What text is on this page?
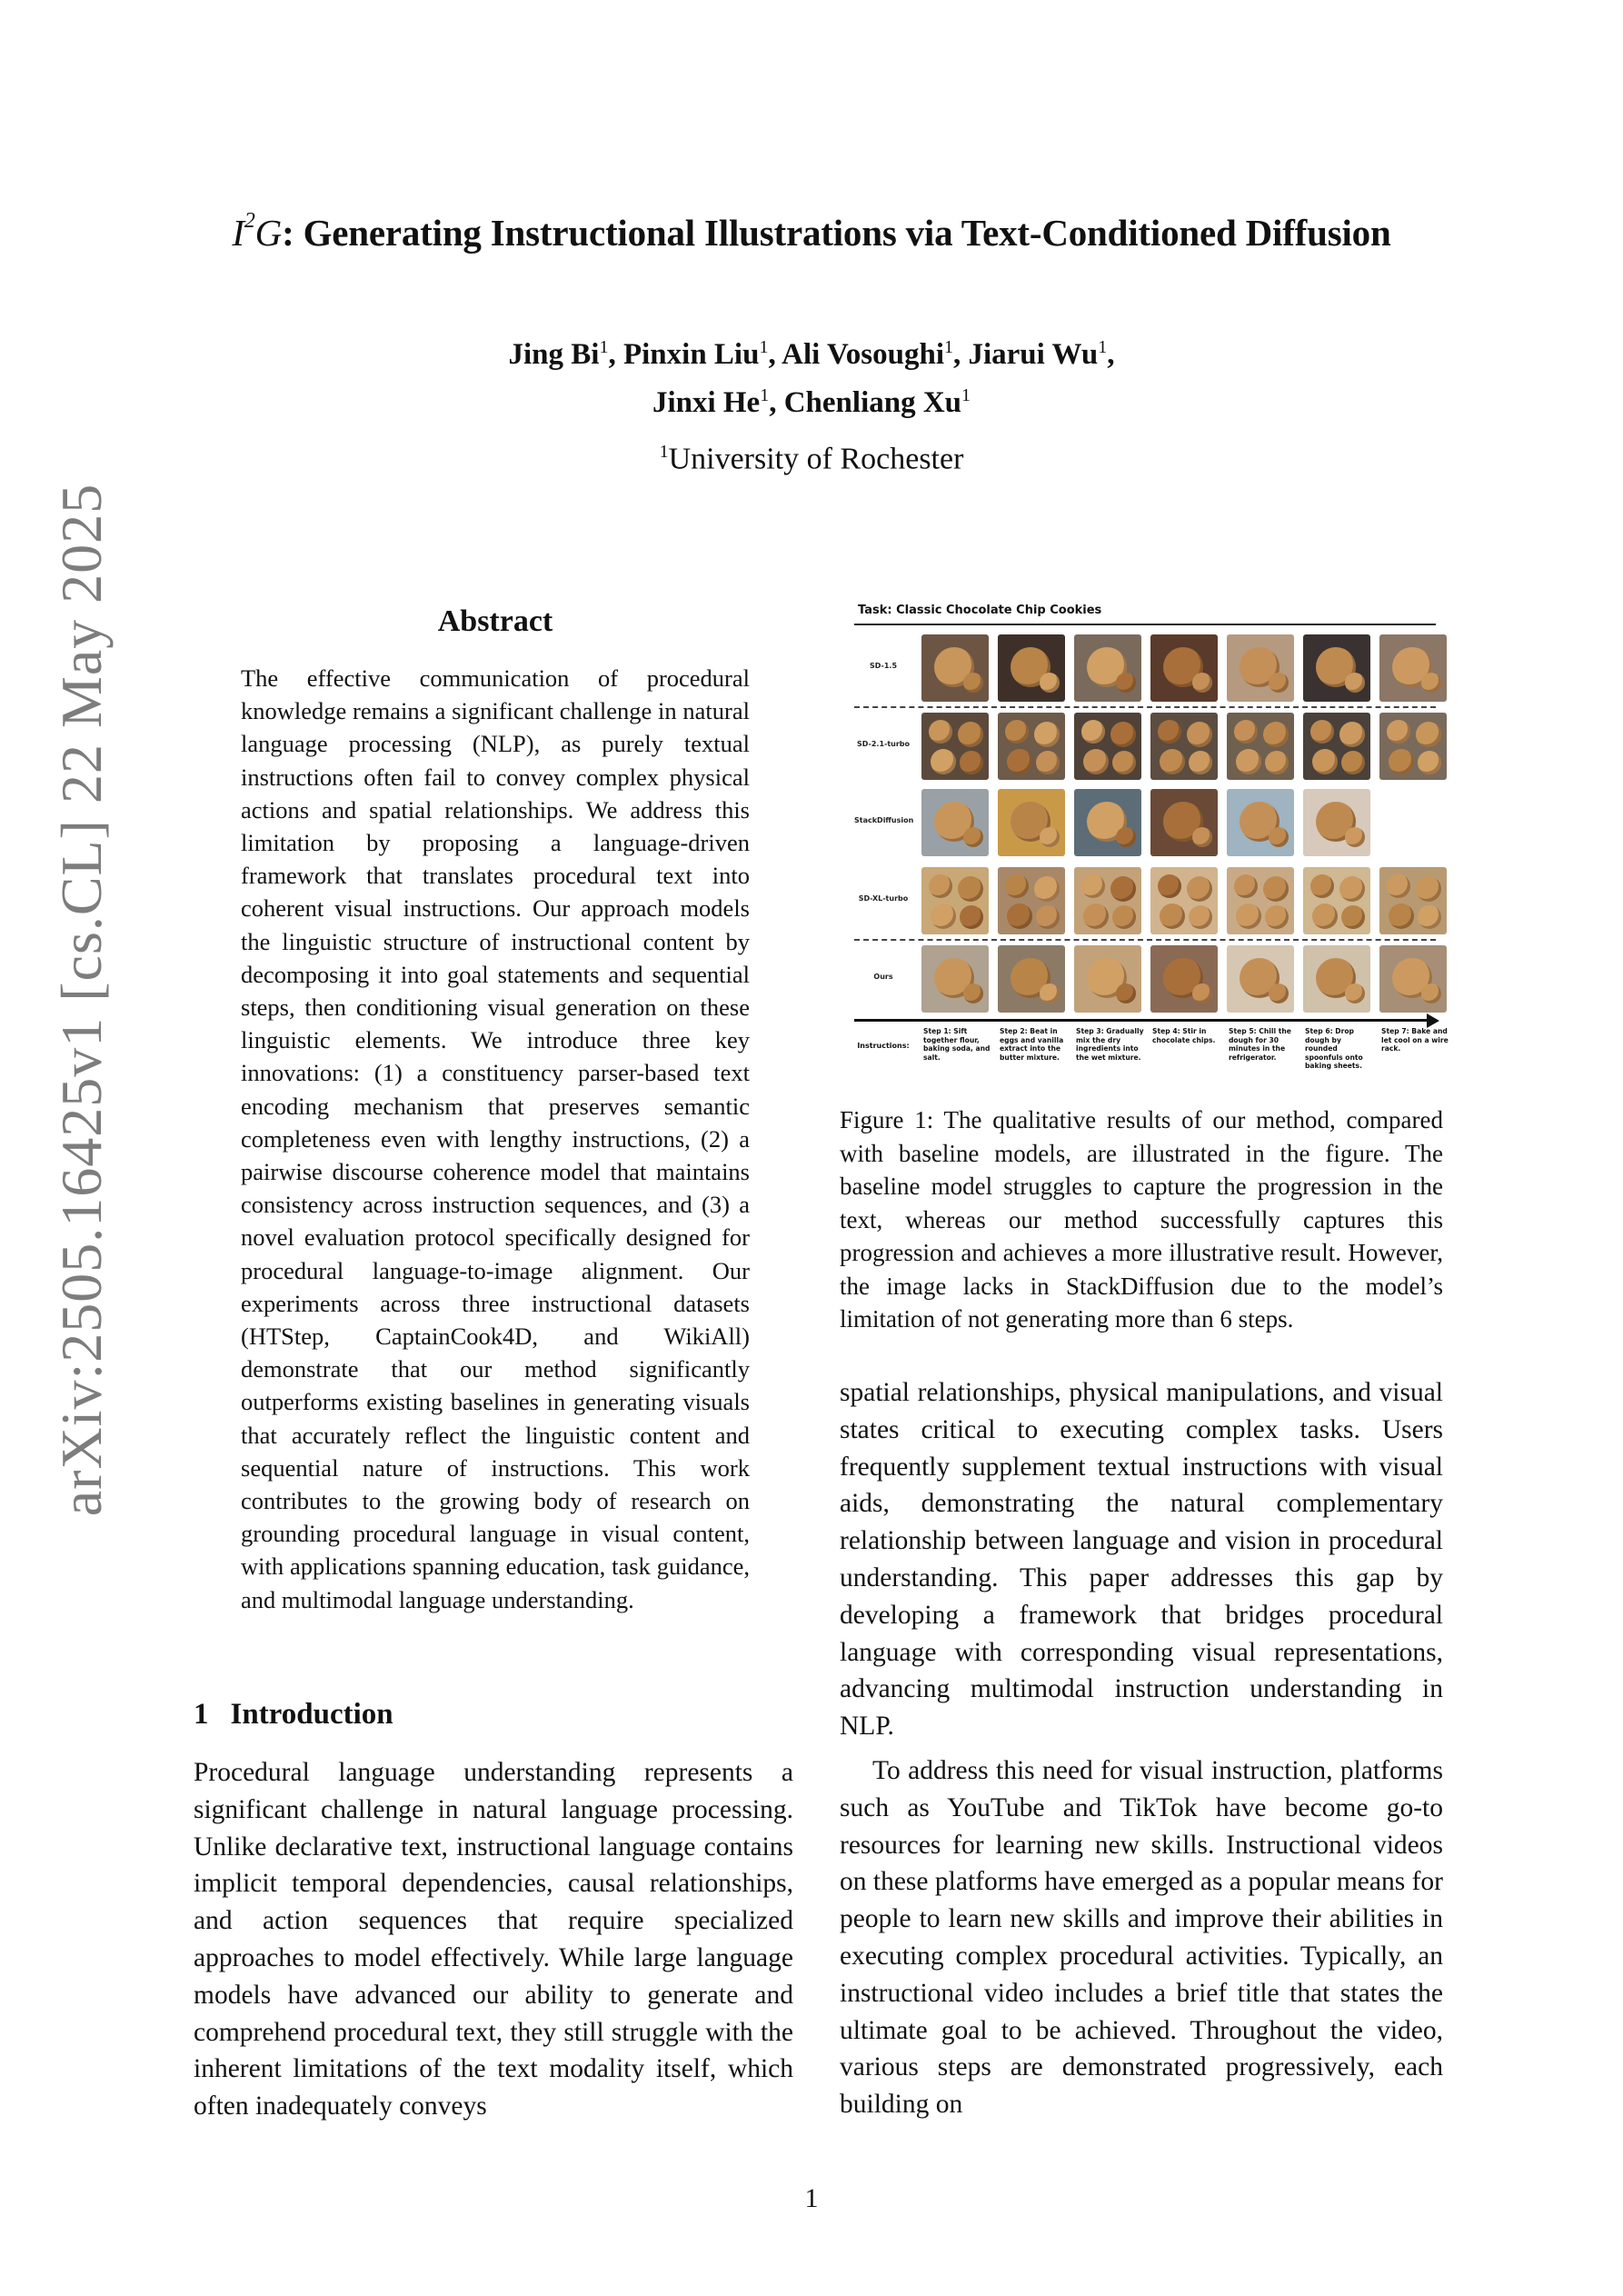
$I^2G$: Generating Instructional Illustrations via Text-Conditioned Diffusion
Jing Bi$^1$, Pinxin Liu$^1$, Ali Vosoughi$^1$, Jiarui Wu$^1$,
Jinxi He$^1$, Chenliang Xu$^1$
$^1$University of Rochester
arXiv:2505.16425v1 [cs.CL] 22 May 2025	Abstract
The effective communication of procedural knowledge remains a significant challenge in natural language processing (NLP), as purely textual instructions often fail to convey complex physical actions and spatial relationships. We address this limitation by proposing a language-driven framework that translates procedural text into coherent visual instructions. Our approach models the linguistic structure of instructional content by decomposing it into goal statements and sequential steps, then conditioning visual generation on these linguistic elements. We introduce three key innovations: (1) a constituency parser-based text encoding mechanism that preserves semantic completeness even with lengthy instructions, (2) a pairwise discourse coherence model that maintains consistency across instruction sequences, and (3) a novel evaluation protocol specifically designed for procedural language-to-image alignment. Our experiments across three instructional datasets (HTStep, CaptainCook4D, and WikiAll) demonstrate that our method significantly outperforms existing baselines in generating visuals that accurately reflect the linguistic content and sequential nature of instructions. This work contributes to the growing body of research on grounding procedural language in visual content, with applications spanning education, task guidance, and multimodal language understanding.
1 Introduction
Procedural language understanding represents a significant challenge in natural language processing. Unlike declarative text, instructional language contains implicit temporal dependencies, causal relationships, and action sequences that require specialized approaches to model effectively. While large language models have advanced our ability to generate and comprehend procedural text, they still struggle with the inherent limitations of the text modality itself, which often inadequately conveys
Task: Classic Chocolate Chip Cookies
SD-1.5
SD-2.1-turbo
StackDiffusion
SD-XL-turbo
Ours
Instructions:
Step 1: Sift together flour, baking soda, and salt.
Step 2: Beat in eggs and vanilla extract into the butter mixture.
Step 3: Gradually mix the dry ingredients into the wet mixture.
Step 4: Stir in chocolate chips.
Step 5: Chill the dough for 30 minutes in the refrigerator.
Step 6: Drop dough by rounded spoonfuls onto baking sheets.
Step 7: Bake and let cool on a wire rack.
Figure 1: The qualitative results of our method, compared with baseline models, are illustrated in the figure. The baseline model struggles to capture the progression in the text, whereas our method successfully captures this progression and achieves a more illustrative result. However, the image lacks in StackDiffusion due to the model’s limitation of not generating more than 6 steps.
spatial relationships, physical manipulations, and visual states critical to executing complex tasks. Users frequently supplement textual instructions with visual aids, demonstrating the natural complementary relationship between language and vision in procedural understanding. This paper addresses this gap by developing a framework that bridges procedural language with corresponding visual representations, advancing multimodal instruction understanding in NLP.
To address this need for visual instruction, platforms such as YouTube and TikTok have become go-to resources for learning new skills. Instructional videos on these platforms have emerged as a popular means for people to learn new skills and improve their abilities in executing complex procedural activities. Typically, an instructional video includes a brief title that states the ultimate goal to be achieved. Throughout the video, various steps are demonstrated progressively, each building on
1
